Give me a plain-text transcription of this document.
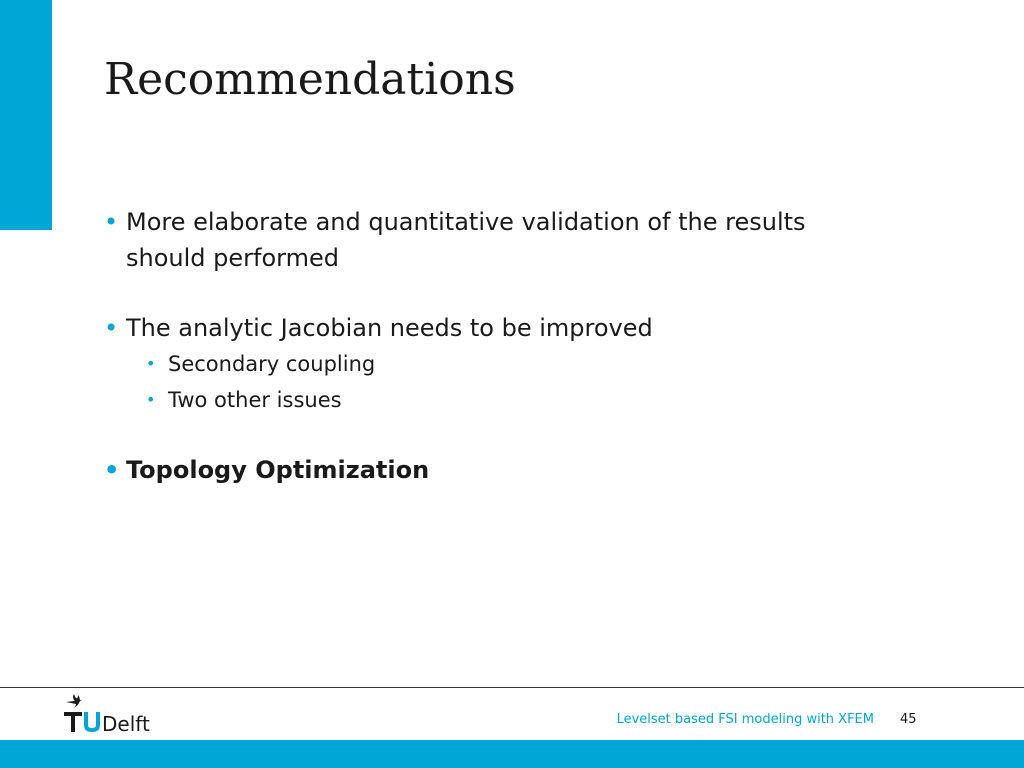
Recommendations
• More elaborate and quantitative validation of the results should performed
• The analytic Jacobian needs to be improved
• Secondary coupling
• Two other issues
• Topology Optimization
Delft	Levelset based FSI modeling with XFEM 45
